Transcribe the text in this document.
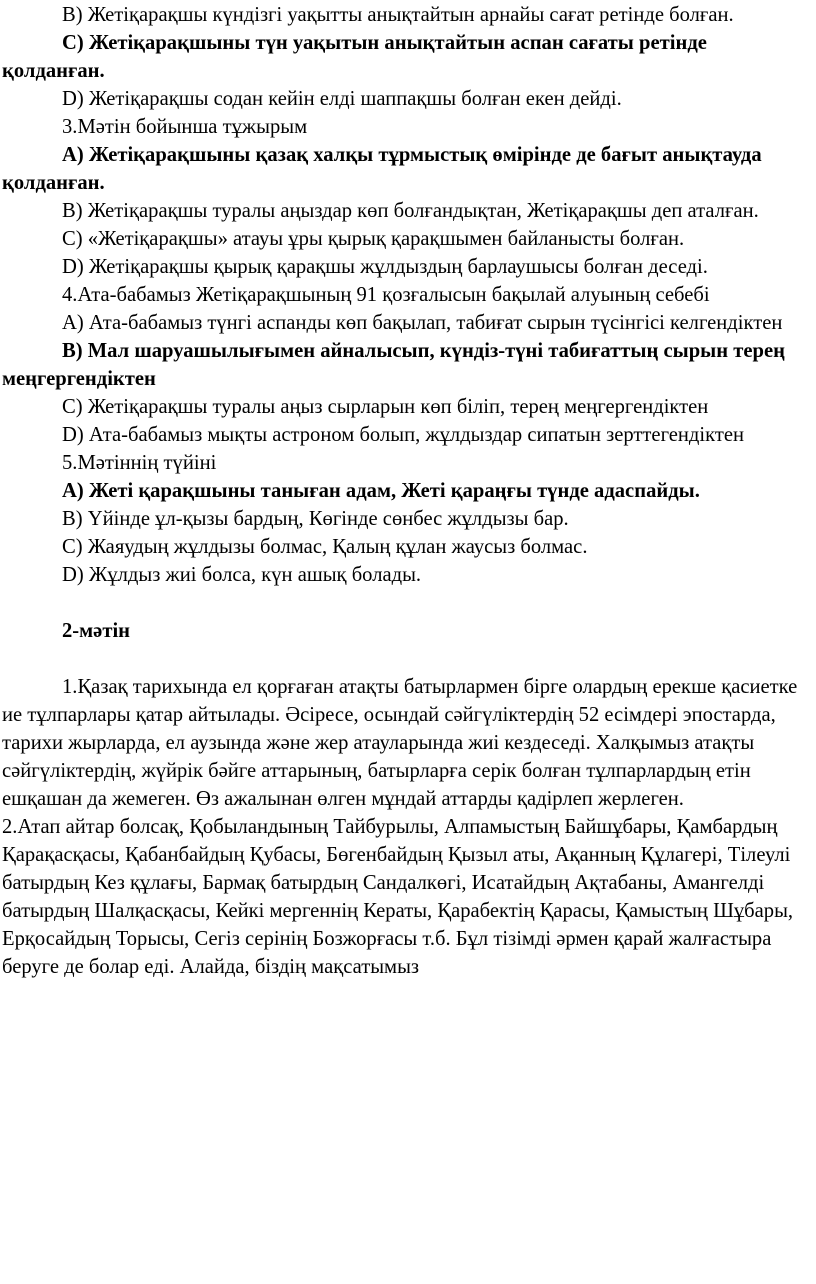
В) Жетіқарақшы күндізгі уақытты анықтайтын арнайы сағат ретінде болған.

С) Жетіқарақшыны түн уақытын анықтайтын аспан сағаты ретінде қолданған.

D) Жетіқарақшы содан кейін елді шаппақшы болған екен дейді.

3.Мәтін бойынша тұжырым

А) Жетіқарақшыны қазақ халқы тұрмыстық өмірінде де бағыт анықтауда қолданған.

В) Жетіқарақшы туралы аңыздар көп болғандықтан, Жетіқарақшы деп аталған.

С) «Жетіқарақшы» атауы ұры қырық қарақшымен байланысты болған.

D) Жетіқарақшы қырық қарақшы жұлдыздың барлаушысы болған деседі.

4.Ата-бабамыз Жетіқарақшының 91 қозғалысын бақылай алуының себебі

А) Ата-бабамыз түнгі аспанды көп бақылап, табиғат сырын түсінгісі келгендіктен

В) Мал шаруашылығымен айналысып, күндіз-түні табиғаттың сырын терең меңгергендіктен

С) Жетіқарақшы туралы аңыз сырларын көп біліп, терең меңгергендіктен

D) Ата-бабамыз мықты астроном болып, жұлдыздар сипатын зерттегендіктен

5.Мәтіннің түйіні

А) Жеті қарақшыны таныған адам, Жеті қараңғы түнде адаспайды.

В) Үйінде ұл-қызы бардың, Көгінде сөнбес жұлдызы бар.

С) Жаяудың жұлдызы болмас, Қалың құлан жаусыз болмас.

D) Жұлдыз жиі болса, күн ашық болады.

2-мәтін

1.Қазақ тарихында ел қорғаған атақты батырлармен бірге олардың ерекше қасиетке ие тұлпарлары қатар айтылады. Әсіресе, осындай сәйгүліктердің 52 есімдері эпостарда, тарихи жырларда, ел аузында және жер атауларында жиі кездеседі. Халқымыз атақты сәйгүліктердің, жүйрік бәйге аттарының, батырларға серік болған тұлпарлардың етін ешқашан да жемеген. Өз ажалынан өлген мұндай аттарды қадірлеп жерлеген.

2.Атап айтар болсақ, Қобыландының Тайбурылы, Алпамыстың Байшұбары, Қамбардың Қарақасқасы, Қабанбайдың Қубасы, Бөгенбайдың Қызыл аты, Ақанның Құлагері, Тілеулі батырдың Кез құлағы, Бармақ батырдың Сандалкөгі, Исатайдың Ақтабаны, Амангелді батырдың Шалқасқасы, Кейкі мергеннің Кераты, Қарабектің Қарасы, Қамыстың Шұбары, Ерқосайдың Торысы, Сегіз серінің Бозжорғасы т.б. Бұл тізімді әрмен қарай жалғастыра беруге де болар еді. Алайда, біздің мақсатымыз
